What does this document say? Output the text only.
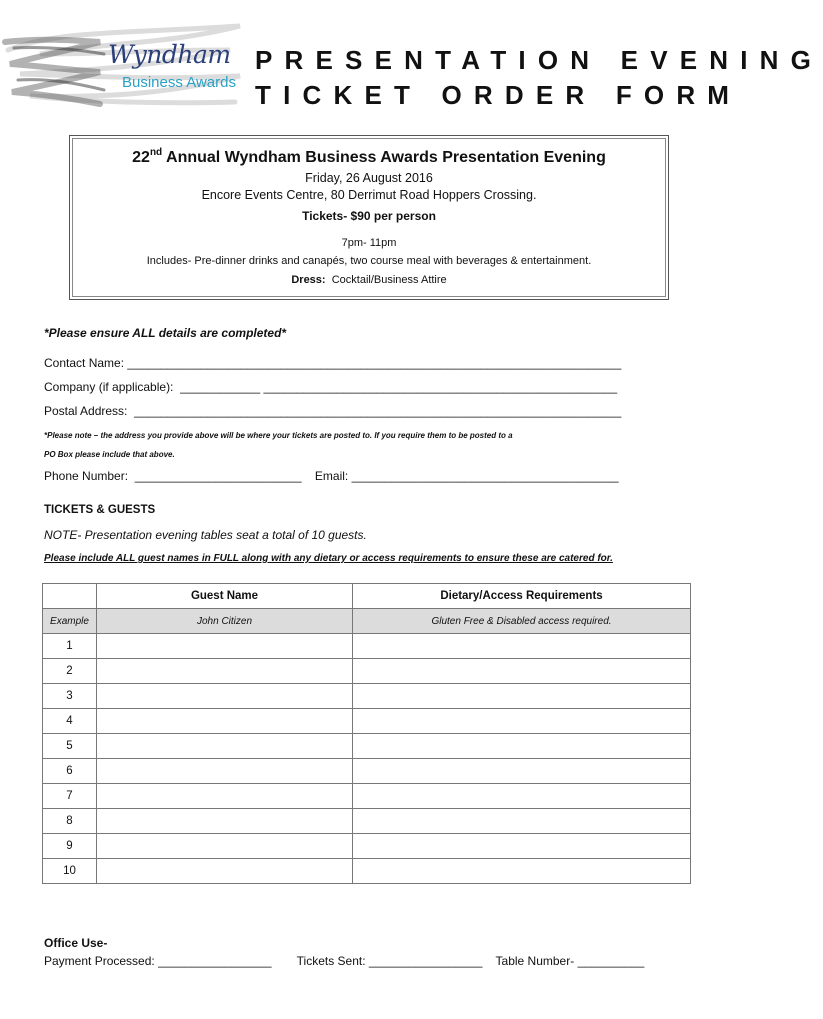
Wyndham
Business Awards
PRESENTATION EVENING
TICKET ORDER FORM
22nd Annual Wyndham Business Awards Presentation Evening
Friday, 26 August 2016
Encore Events Centre, 80 Derrimut Road Hoppers Crossing.
Tickets- $90 per person
7pm- 11pm
Includes- Pre-dinner drinks and canapés, two course meal with beverages & entertainment.
Dress: Cocktail/Business Attire
*Please ensure ALL details are completed*
Contact Name: __________________________________________________________________________
Company (if applicable): ____________ _____________________________________________________
Postal Address: _________________________________________________________________________
*Please note – the address you provide above will be where your tickets are posted to. If you require them to be posted to a
PO Box please include that above.
Phone Number: _________________________ Email: ________________________________________
TICKETS & GUESTS
NOTE- Presentation evening tables seat a total of 10 guests.
Please include ALL guest names in FULL along with any dietary or access requirements to ensure these are catered for.
	Guest Name	Dietary/Access Requirements
Example	John Citizen	Gluten Free & Disabled access required.
1		
2		
3		
4		
5		
6		
7		
8		
9		
10		
Office Use-
Payment Processed: _________________ Tickets Sent: _________________ Table Number- __________
